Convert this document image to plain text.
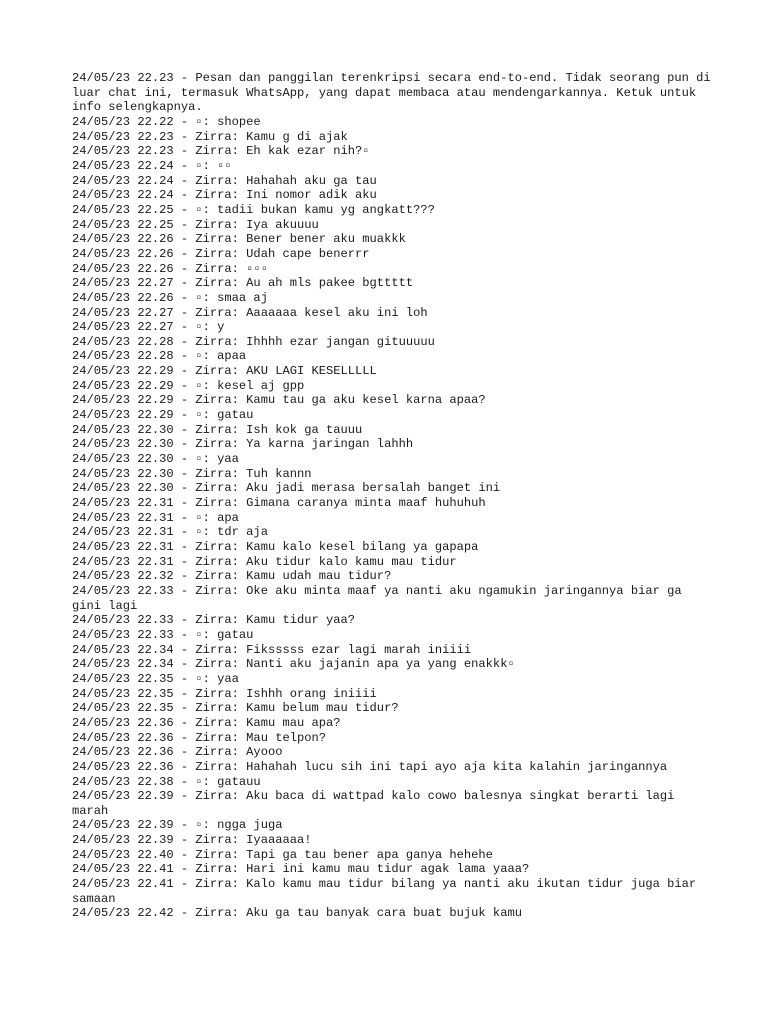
24/05/23 22.23 - Pesan dan panggilan terenkripsi secara end-to-end. Tidak seorang pun di luar chat ini, termasuk WhatsApp, yang dapat membaca atau mendengarkannya. Ketuk untuk info selengkapnya.

24/05/23 22.22 - ▫: shopee

24/05/23 22.23 - Zirra: Kamu g di ajak

24/05/23 22.23 - Zirra: Eh kak ezar nih?▫

24/05/23 22.24 - ▫: ▫▫

24/05/23 22.24 - Zirra: Hahahah aku ga tau

24/05/23 22.24 - Zirra: Ini nomor adik aku

24/05/23 22.25 - ▫: tadii bukan kamu yg angkatt???

24/05/23 22.25 - Zirra: Iya akuuuu

24/05/23 22.26 - Zirra: Bener bener aku muakkk

24/05/23 22.26 - Zirra: Udah cape benerrr

24/05/23 22.26 - Zirra: ▫▫▫

24/05/23 22.27 - Zirra: Au ah mls pakee bgttttt

24/05/23 22.26 - ▫: smaa aj

24/05/23 22.27 - Zirra: Aaaaaaa kesel aku ini loh

24/05/23 22.27 - ▫: y

24/05/23 22.28 - Zirra: Ihhhh ezar jangan gituuuuu

24/05/23 22.28 - ▫: apaa

24/05/23 22.29 - Zirra: AKU LAGI KESELLLLL

24/05/23 22.29 - ▫: kesel aj gpp

24/05/23 22.29 - Zirra: Kamu tau ga aku kesel karna apaa?

24/05/23 22.29 - ▫: gatau

24/05/23 22.30 - Zirra: Ish kok ga tauuu

24/05/23 22.30 - Zirra: Ya karna jaringan lahhh

24/05/23 22.30 - ▫: yaa

24/05/23 22.30 - Zirra: Tuh kannn

24/05/23 22.30 - Zirra: Aku jadi merasa bersalah banget ini

24/05/23 22.31 - Zirra: Gimana caranya minta maaf huhuhuh

24/05/23 22.31 - ▫: apa

24/05/23 22.31 - ▫: tdr aja

24/05/23 22.31 - Zirra: Kamu kalo kesel bilang ya gapapa

24/05/23 22.31 - Zirra: Aku tidur kalo kamu mau tidur

24/05/23 22.32 - Zirra: Kamu udah mau tidur?

24/05/23 22.33 - Zirra: Oke aku minta maaf ya nanti aku ngamukin jaringannya biar ga gini lagi

24/05/23 22.33 - Zirra: Kamu tidur yaa?

24/05/23 22.33 - ▫: gatau

24/05/23 22.34 - Zirra: Fiksssss ezar lagi marah iniiii

24/05/23 22.34 - Zirra: Nanti aku jajanin apa ya yang enakkk▫

24/05/23 22.35 - ▫: yaa

24/05/23 22.35 - Zirra: Ishhh orang iniiii

24/05/23 22.35 - Zirra: Kamu belum mau tidur?

24/05/23 22.36 - Zirra: Kamu mau apa?

24/05/23 22.36 - Zirra: Mau telpon?

24/05/23 22.36 - Zirra: Ayooo

24/05/23 22.36 - Zirra: Hahahah lucu sih ini tapi ayo aja kita kalahin jaringannya

24/05/23 22.38 - ▫: gatauu

24/05/23 22.39 - Zirra: Aku baca di wattpad kalo cowo balesnya singkat berarti lagi marah

24/05/23 22.39 - ▫: ngga juga

24/05/23 22.39 - Zirra: Iyaaaaaa!

24/05/23 22.40 - Zirra: Tapi ga tau bener apa ganya hehehe

24/05/23 22.41 - Zirra: Hari ini kamu mau tidur agak lama yaaa?

24/05/23 22.41 - Zirra: Kalo kamu mau tidur bilang ya nanti aku ikutan tidur juga biar samaan

24/05/23 22.42 - Zirra: Aku ga tau banyak cara buat bujuk kamu
